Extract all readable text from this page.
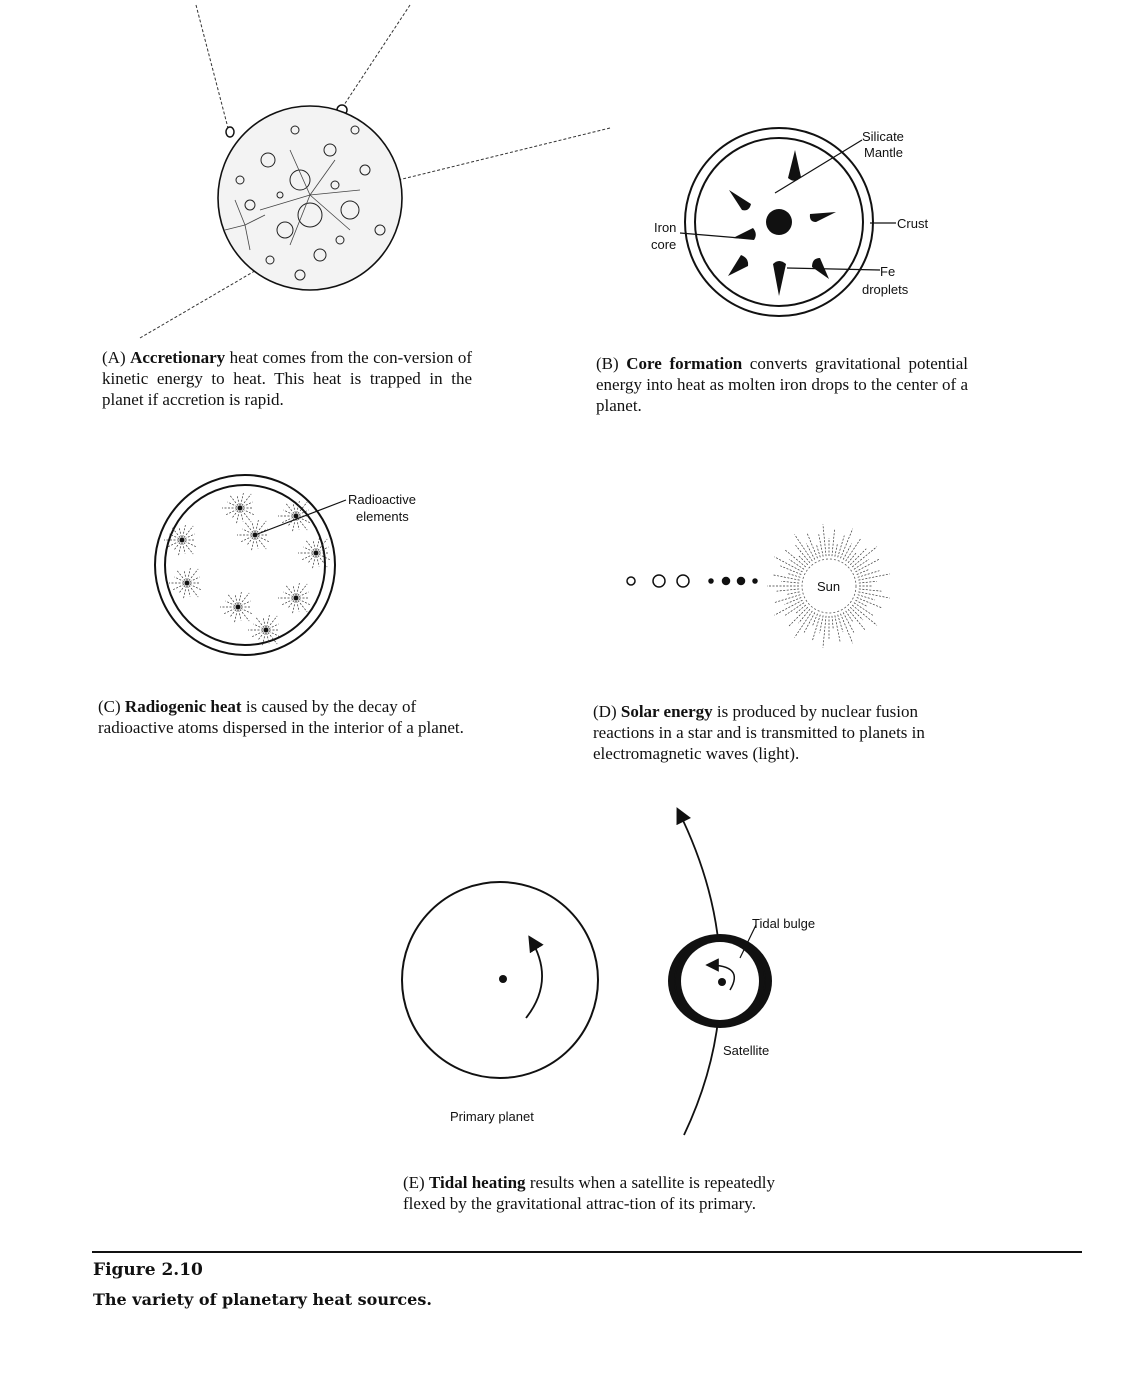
Silicate
Mantle
Crust
Iron
core
Fe
droplets
Radioactive
elements
Sun
Tidal bulge
Satellite
Primary planet

(A) Accretionary heat comes from the con-version of kinetic energy to heat. This heat is trapped in the planet if accretion is rapid.

(B) Core formation converts gravitational potential energy into heat as molten iron drops to the center of a planet.

(C) Radiogenic heat is caused by the decay of radioactive atoms dispersed in the interior of a planet.

(D) Solar energy is produced by nuclear fusion reactions in a star and is transmitted to planets in electromagnetic waves (light).

(E) Tidal heating results when a satellite is repeatedly flexed by the gravitational attrac-tion of its primary.

Figure 2.10

The variety of planetary heat sources.
